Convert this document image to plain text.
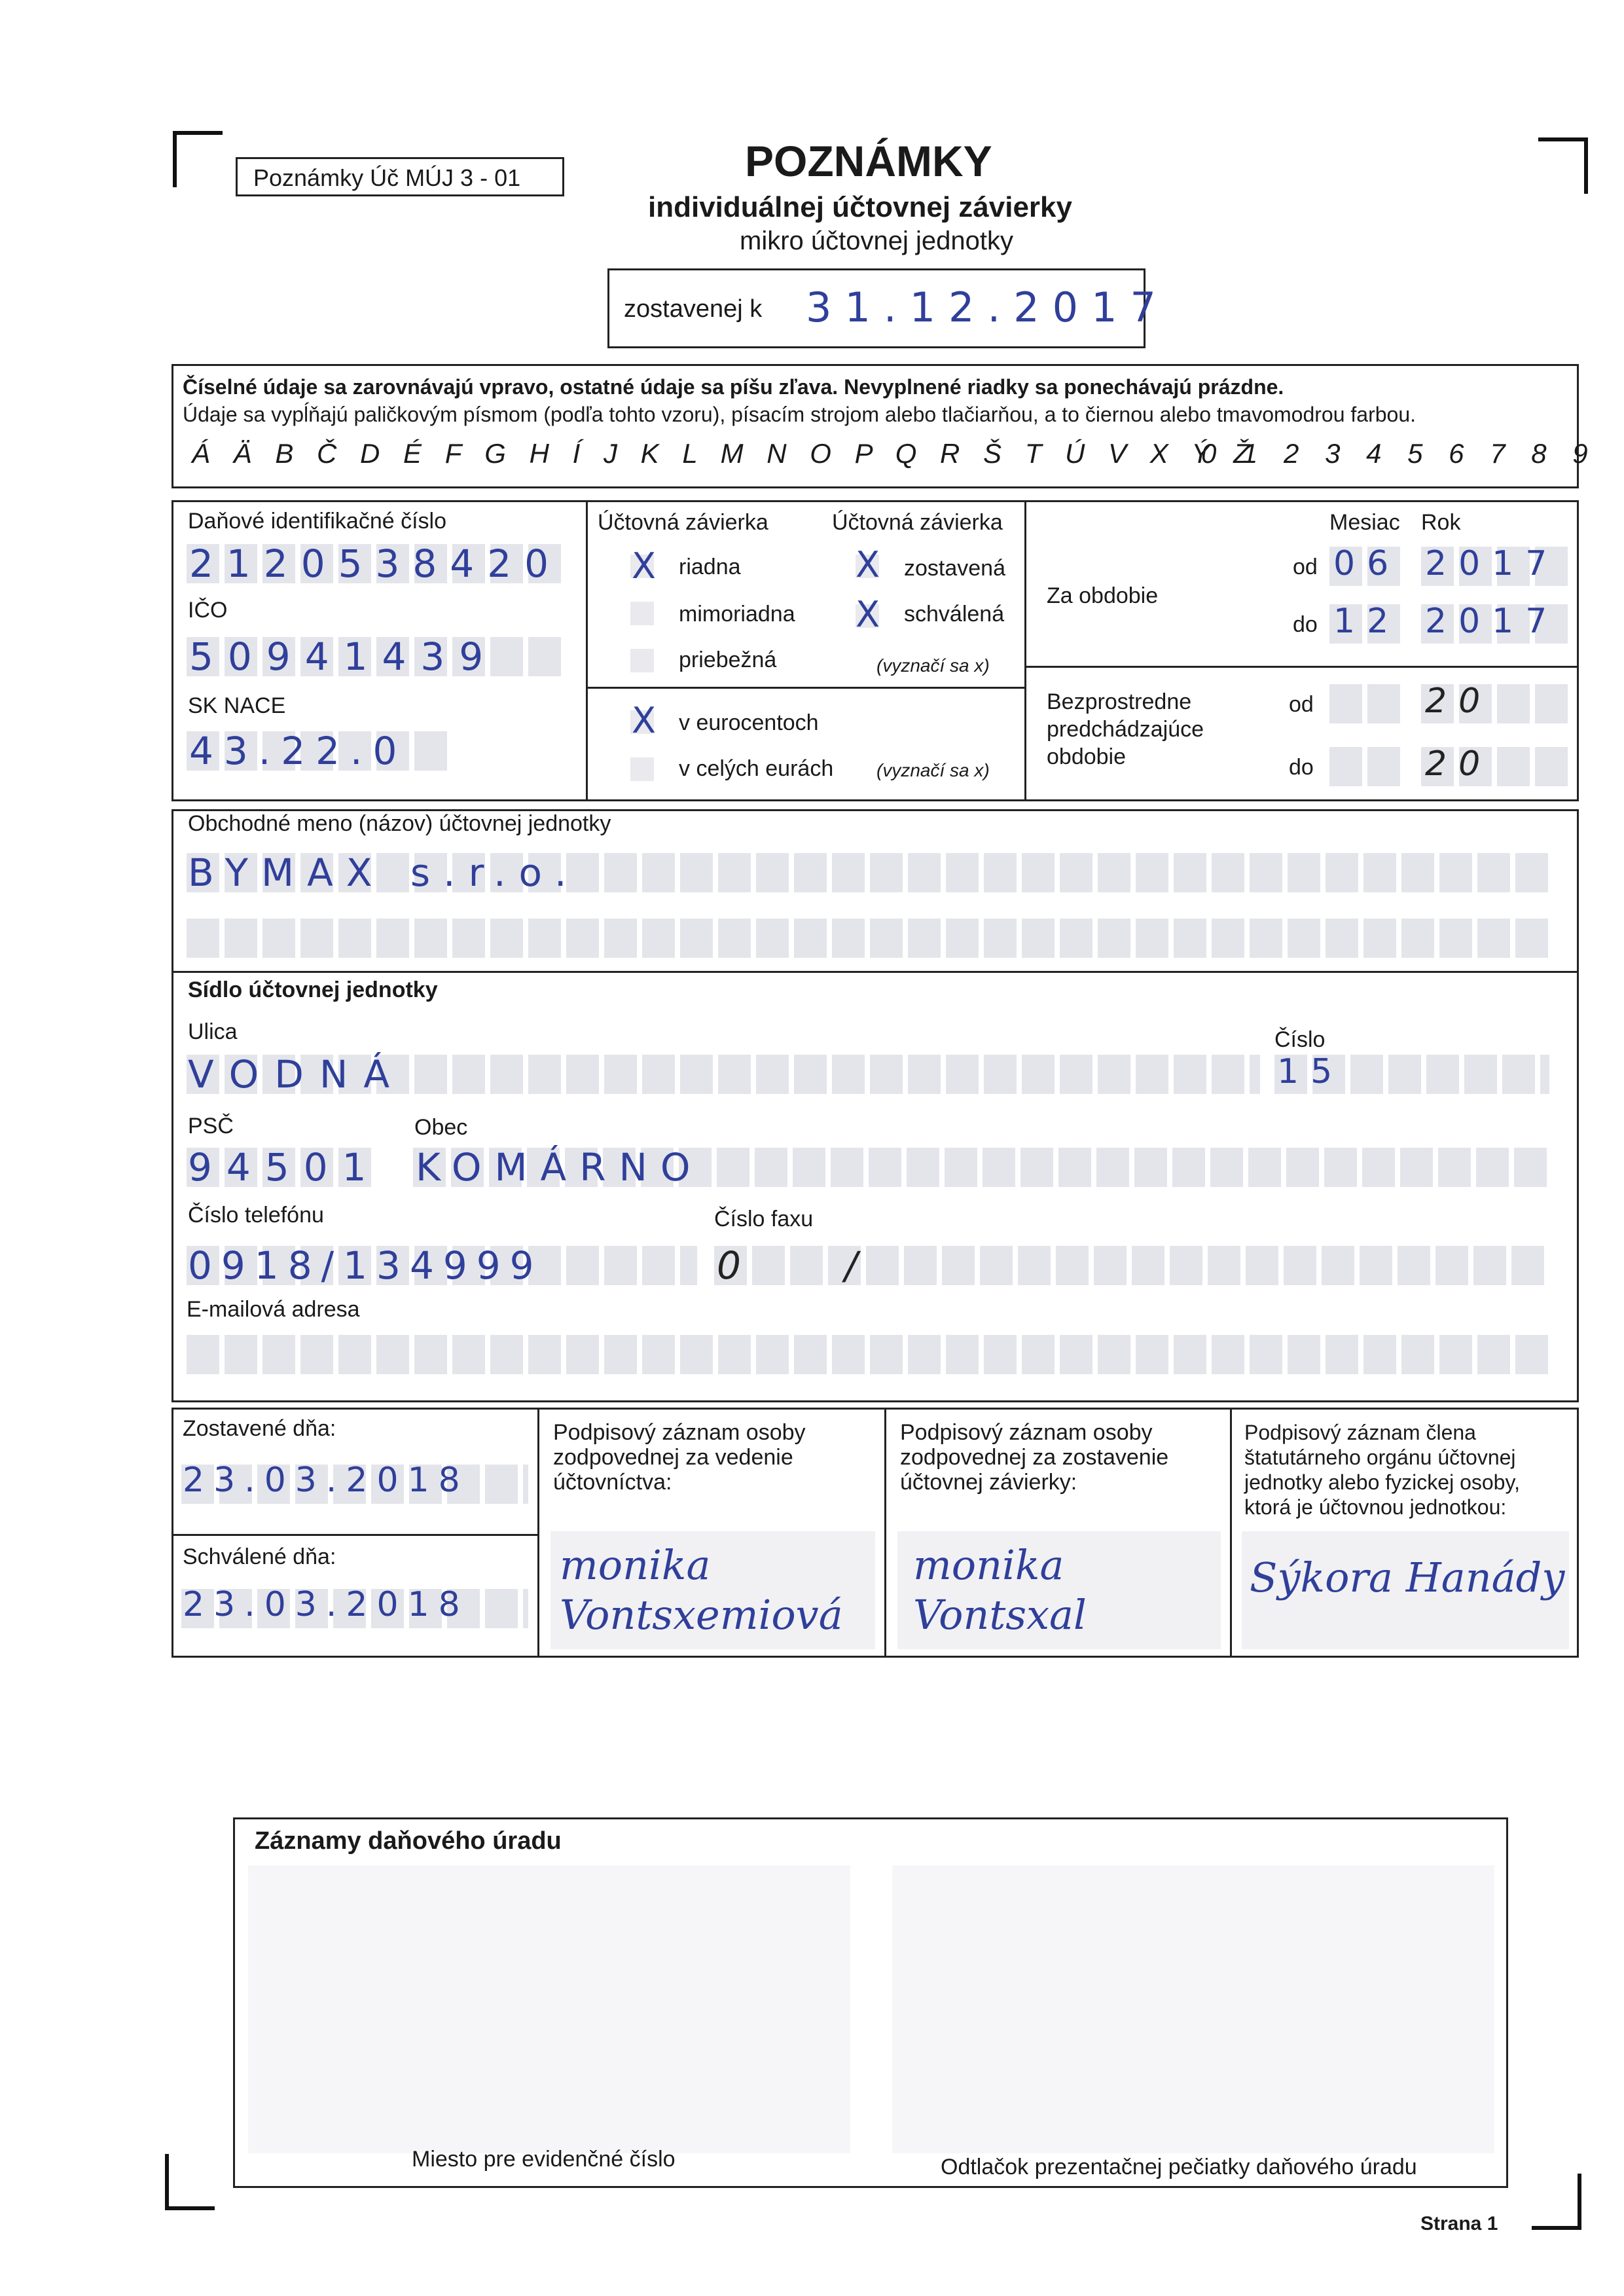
Poznámky Úč MÚJ 3 - 01	POZNÁMKY
individuálnej účtovnej závierky
mikro účtovnej jednotky
zostavenej k 31.12.2017
Číselné údaje sa zarovnávajú vpravo, ostatné údaje sa píšu zľava. Nevyplnené riadky sa ponechávajú prázdne.
Údaje sa vypĺňajú paličkovým písmom (podľa tohto vzoru), písacím strojom alebo tlačiarňou, a to čiernou alebo tmavomodrou farbou.
Á Ä B Č D É F G H Í J K L M N O P Q R Š T Ú V X Ý Ž
0 1 2 3 4 5 6 7 8 9
Daňové identifikačné číslo
2120538420
IČO
50941439
SK NACE
43.22.0
Účtovná závierka	Účtovná závierka
X riadna
mimoriadna
priebežná
X zostavená
X schválená
(vyznačí sa x)
X v eurocentoch
v celých eurách (vyznačí sa x)
Mesiac Rok
Za obdobie
od 06 2017
do 12 2017
Bezprostredne predchádzajúce obdobie
od	20
do	20
Obchodné meno (názov) účtovnej jednotky
BYMAX s.r.o.
Sídlo účtovnej jednotky
Ulica
VODNÁ
Číslo
15
PSČ
94501
Obec
KOMÁRNO
Číslo telefónu
0918/134999
Číslo faxu
0 /
E-mailová adresa
Zostavené dňa:
23.03.2018
Schválené dňa:
23.03.2018
Podpisový záznam osoby zodpovednej za vedenie účtovníctva:
monika Vontsxemiová
Podpisový záznam osoby zodpovednej za zostavenie účtovnej závierky:
monika Vontsxal
Podpisový záznam člena štatutárneho orgánu účtovnej jednotky alebo fyzickej osoby, ktorá je účtovnou jednotkou:
Sýkora Hanády
Záznamy daňového úradu
Miesto pre evidenčné číslo	Odtlačok prezentačnej pečiatky daňového úradu
Strana 1
